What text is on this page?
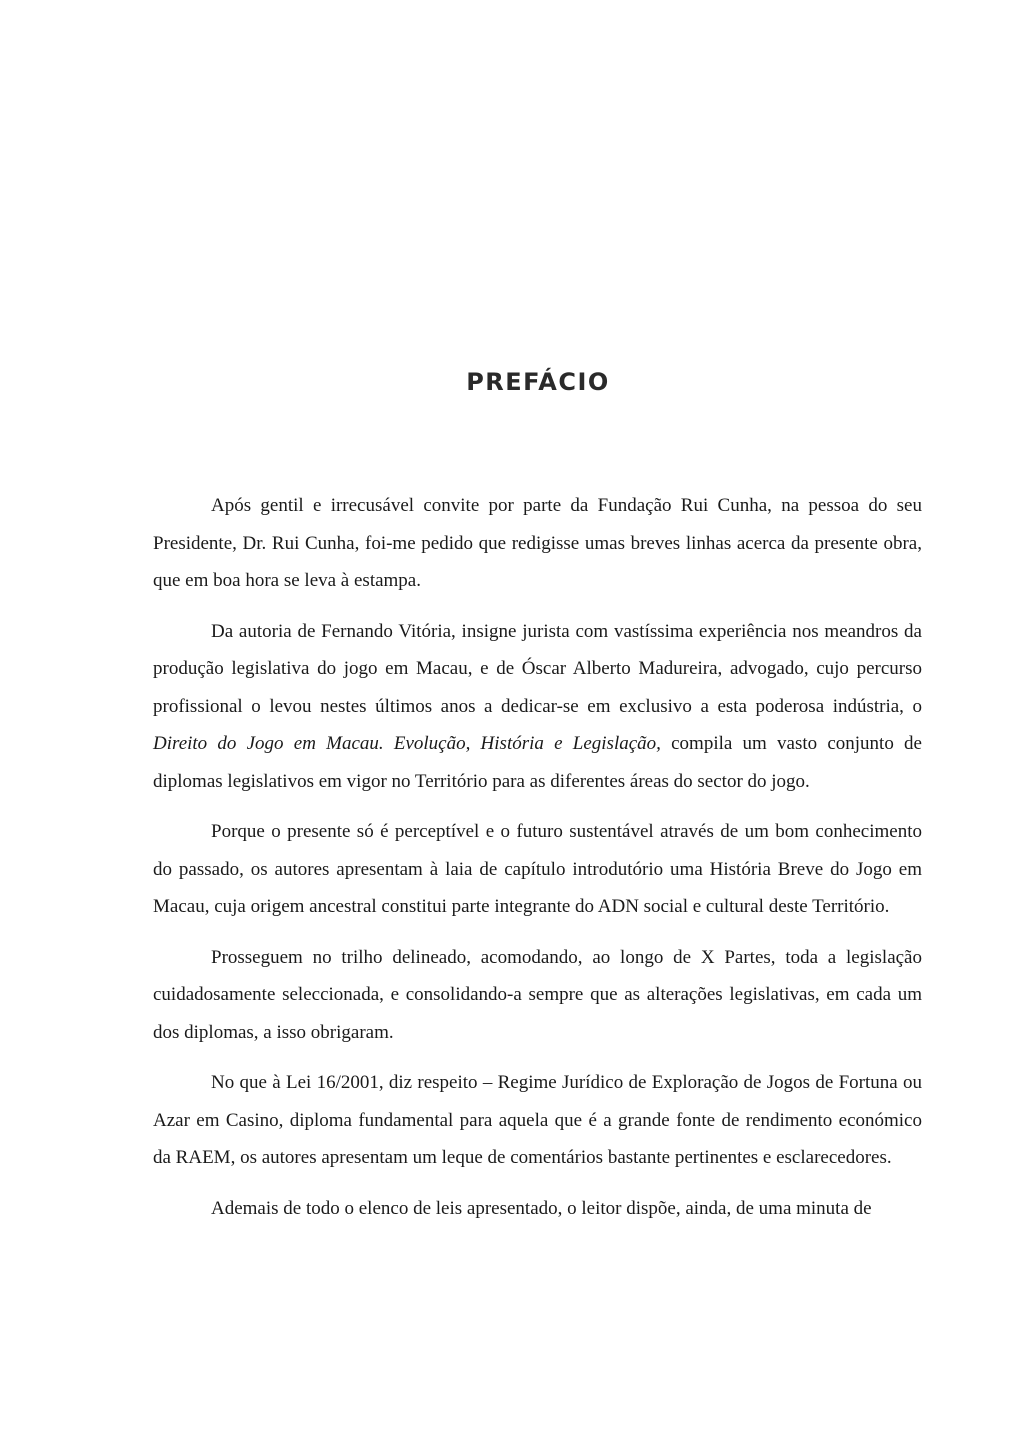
PREFÁCIO

Após gentil e irrecusável convite por parte da Fundação Rui Cunha, na pessoa do seu Presidente, Dr. Rui Cunha, foi-me pedido que redigisse umas breves linhas acerca da presente obra, que em boa hora se leva à estampa.

Da autoria de Fernando Vitória, insigne jurista com vastíssima experiência nos meandros da produção legislativa do jogo em Macau, e de Óscar Alberto Madureira, advogado, cujo percurso profissional o levou nestes últimos anos a dedicar-se em exclusivo a esta poderosa indústria, o Direito do Jogo em Macau. Evolução, História e Legislação, compila um vasto conjunto de diplomas legislativos em vigor no Território para as diferentes áreas do sector do jogo.

Porque o presente só é perceptível e o futuro sustentável através de um bom conhecimento do passado, os autores apresentam à laia de capítulo introdutório uma História Breve do Jogo em Macau, cuja origem ancestral constitui parte integrante do ADN social e cultural deste Território.

Prosseguem no trilho delineado, acomodando, ao longo de X Partes, toda a legislação cuidadosamente seleccionada, e consolidando-a sempre que as alterações legislativas, em cada um dos diplomas, a isso obrigaram.

No que à Lei 16/2001, diz respeito – Regime Jurídico de Exploração de Jogos de Fortuna ou Azar em Casino, diploma fundamental para aquela que é a grande fonte de rendimento económico da RAEM, os autores apresentam um leque de comentários bastante pertinentes e esclarecedores.

Ademais de todo o elenco de leis apresentado, o leitor dispõe, ainda, de uma minuta de
